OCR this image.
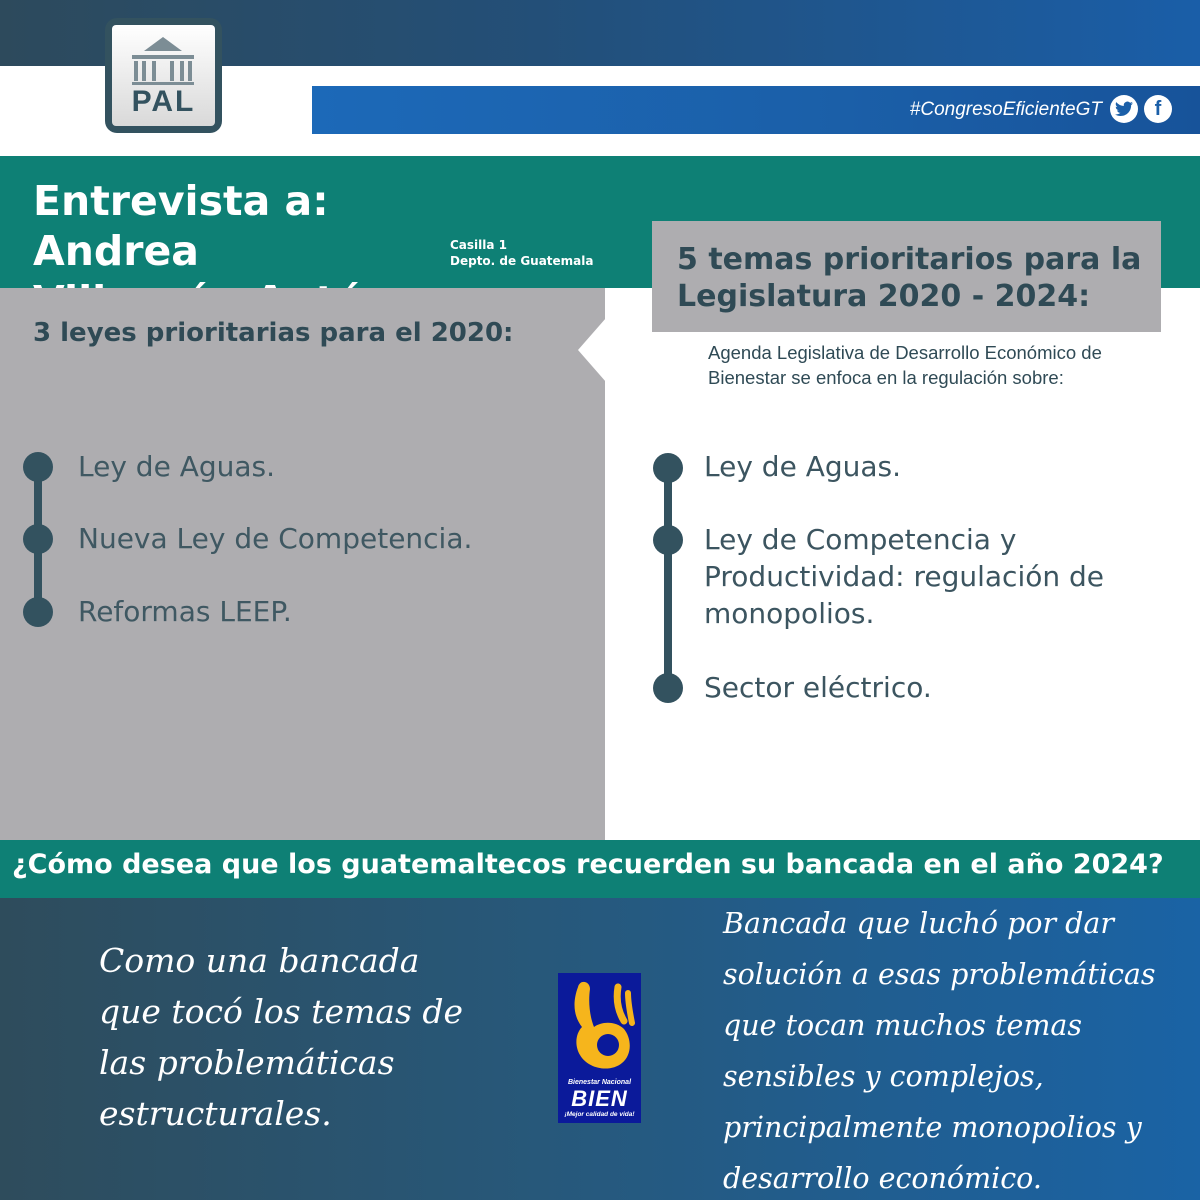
PAL	#CongresoEficienteGT	f
Entrevista a: Andrea	Casilla 1
Depto. de Guatemala
3 leyes prioritarias para el 2020:
Ley de Aguas.
Nueva Ley de Competencia.
Reformas LEEP.
5 temas prioritarios para la
Legislatura 2020 - 2024:
Agenda Legislativa de Desarrollo Económico de Bienestar se enfoca en la regulación sobre:
Ley de Aguas.
Ley de Competencia y Productividad: regulación de monopolios.
Sector eléctrico.
¿Cómo desea que los guatemaltecos recuerden su bancada en el año 2024?
Como una bancada que tocó los temas de las problemáticas estructurales.
Bancada que luchó por dar solución a esas problemáticas que tocan muchos temas sensibles y complejos, principalmente monopolios y desarrollo económico.
Bienestar Nacional
BIEN
¡Mejor calidad de vida!
